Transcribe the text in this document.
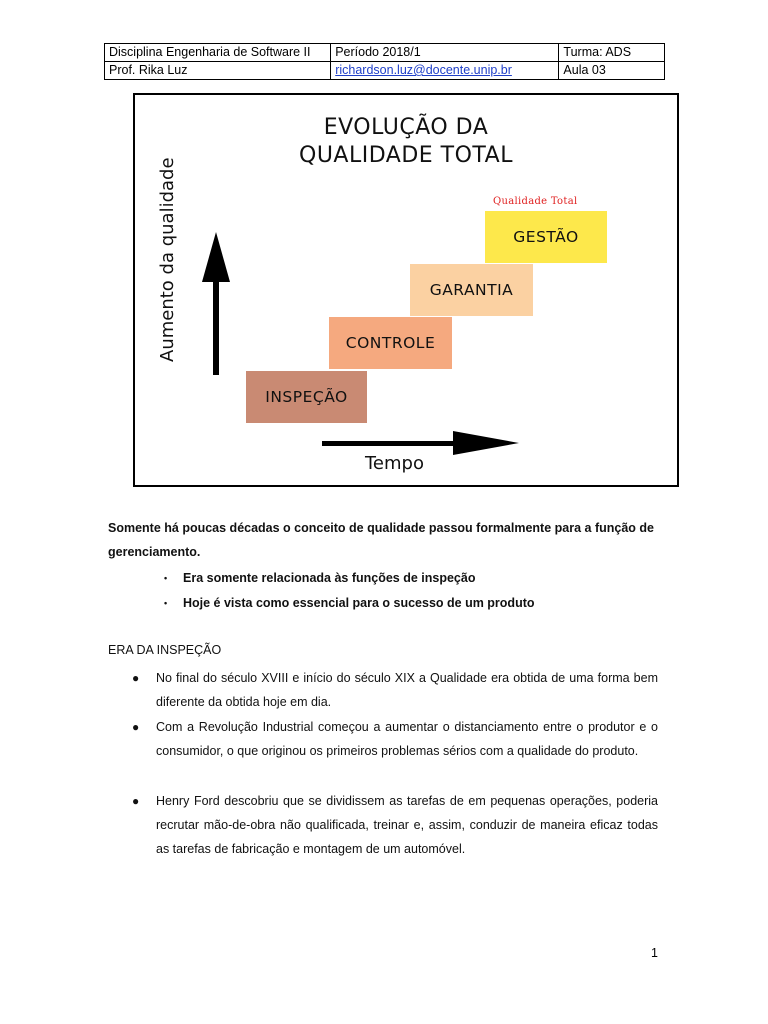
Disciplina Engenharia de Software II	Período 2018/1	Turma: ADS
Prof. Rika Luz	richardson.luz@docente.unip.br	Aula 03
EVOLUÇÃO DA
QUALIDADE TOTAL
Qualidade Total
INSPEÇÃO
CONTROLE
GARANTIA
GESTÃO
Aumento da qualidade
Tempo
Somente há poucas décadas o conceito de qualidade passou formalmente para a função de gerenciamento.
• Era somente relacionada às funções de inspeção
• Hoje é vista como essencial para o sucesso de um produto
ERA DA INSPEÇÃO
● No final do século XVIII e início do século XIX a Qualidade era obtida de uma forma bem diferente da obtida hoje em dia.
● Com a Revolução Industrial começou a aumentar o distanciamento entre o produtor e o consumidor, o que originou os primeiros problemas sérios com a qualidade do produto.
● Henry Ford descobriu que se dividissem as tarefas de em pequenas operações, poderia recrutar mão-de-obra não qualificada, treinar e, assim, conduzir de maneira eficaz todas as tarefas de fabricação e montagem de um automóvel.
1
